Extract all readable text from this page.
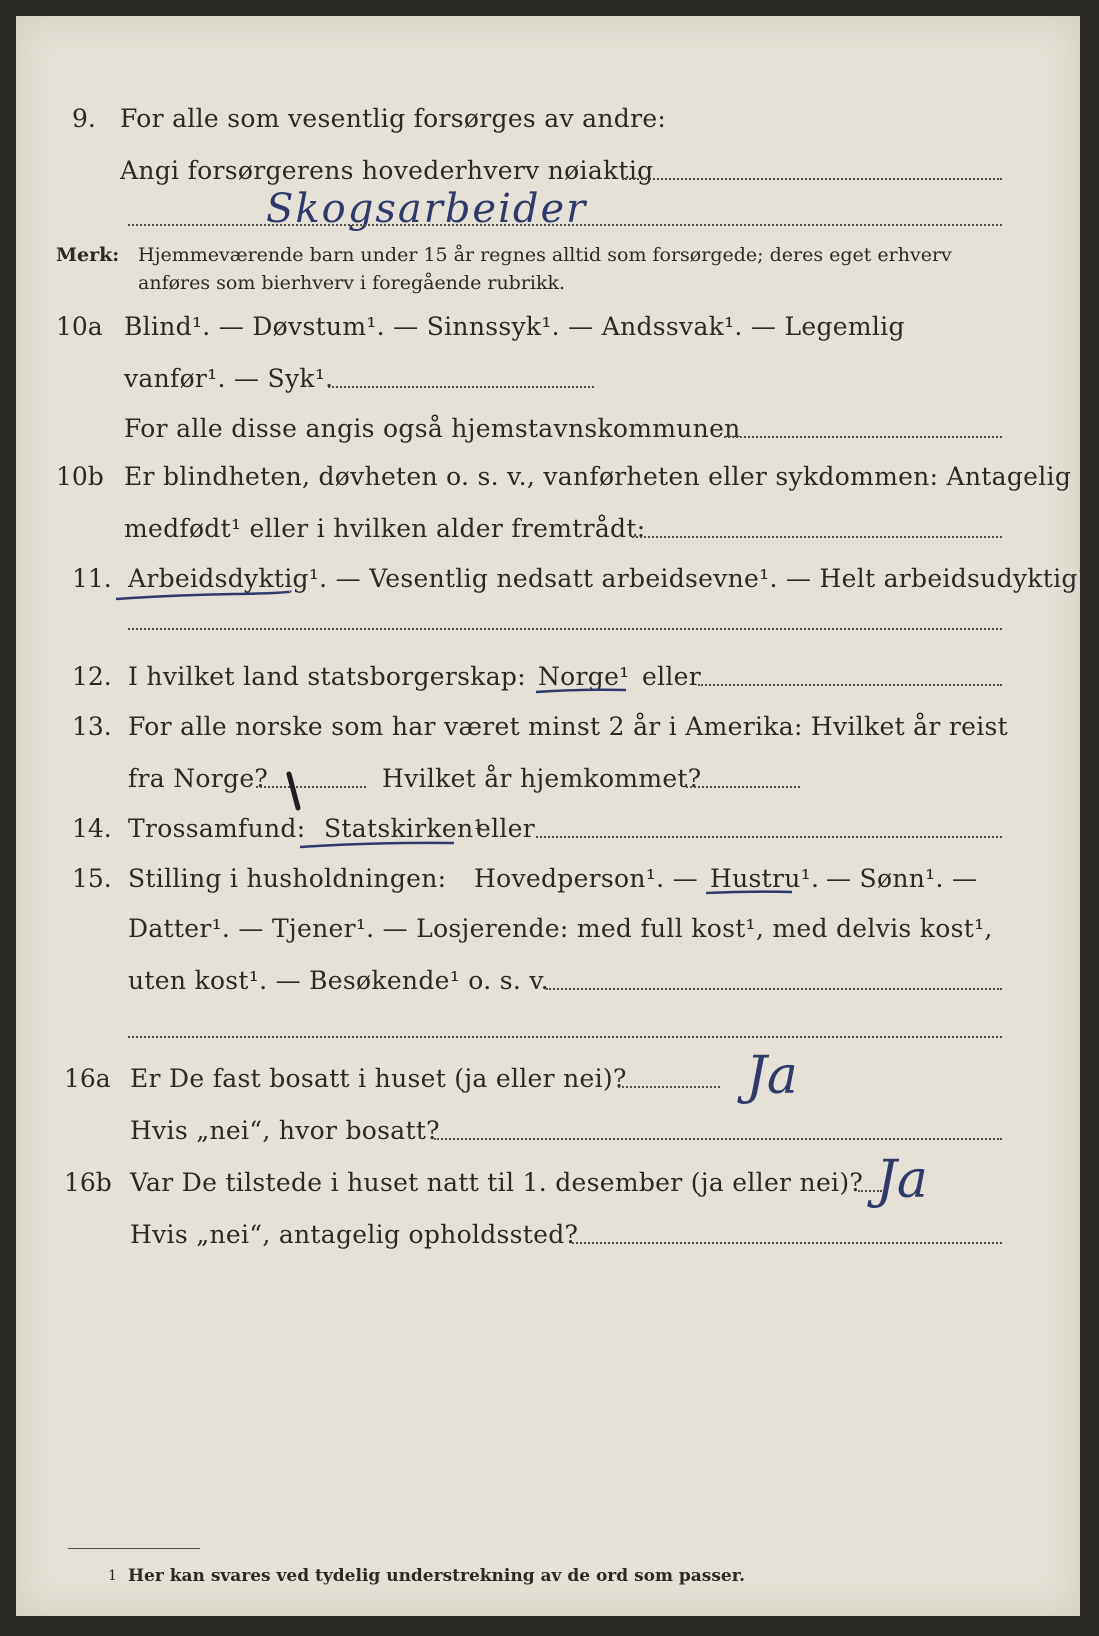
9. For alle som vesentlig forsørges av andre:
Angi forsørgerens hovederhverv nøiaktig
Skogsarbeider
Merk: Hjemmeværende barn under 15 år regnes alltid som forsørgede; deres eget erhverv
anføres som bierhverv i foregående rubrikk.
10a Blind¹. — Døvstum¹. — Sinnssyk¹. — Andssvak¹. — Legemlig
vanfør¹. — Syk¹.
For alle disse angis også hjemstavnskommunen
10b Er blindheten, døvheten o. s. v., vanførheten eller sykdommen: Antagelig
medfødt¹ eller i hvilken alder fremtrådt:
11. Arbeidsdyktig¹. — Vesentlig nedsatt arbeidsevne¹. — Helt arbeidsudyktig¹.
12. I hvilket land statsborgerskap: Norge¹ eller
13. For alle norske som har været minst 2 år i Amerika: Hvilket år reist
fra Norge?	Hvilket år hjemkommet?
14. Trossamfund: Statskirken¹
eller
15. Stilling i husholdningen: Hovedperson¹. — Hustru¹. — Sønn¹. —
Datter¹. — Tjener¹. — Losjerende: med full kost¹, med delvis kost¹,
uten kost¹. — Besøkende¹ o. s. v.
16a Er De fast bosatt i huset (ja eller nei)? Ja
Hvis „nei“, hvor bosatt?
16b Var De tilstede i huset natt til 1. desember (ja eller nei)? Ja
Hvis „nei“, antagelig opholdssted?
1 Her kan svares ved tydelig understrekning av de ord som passer.
